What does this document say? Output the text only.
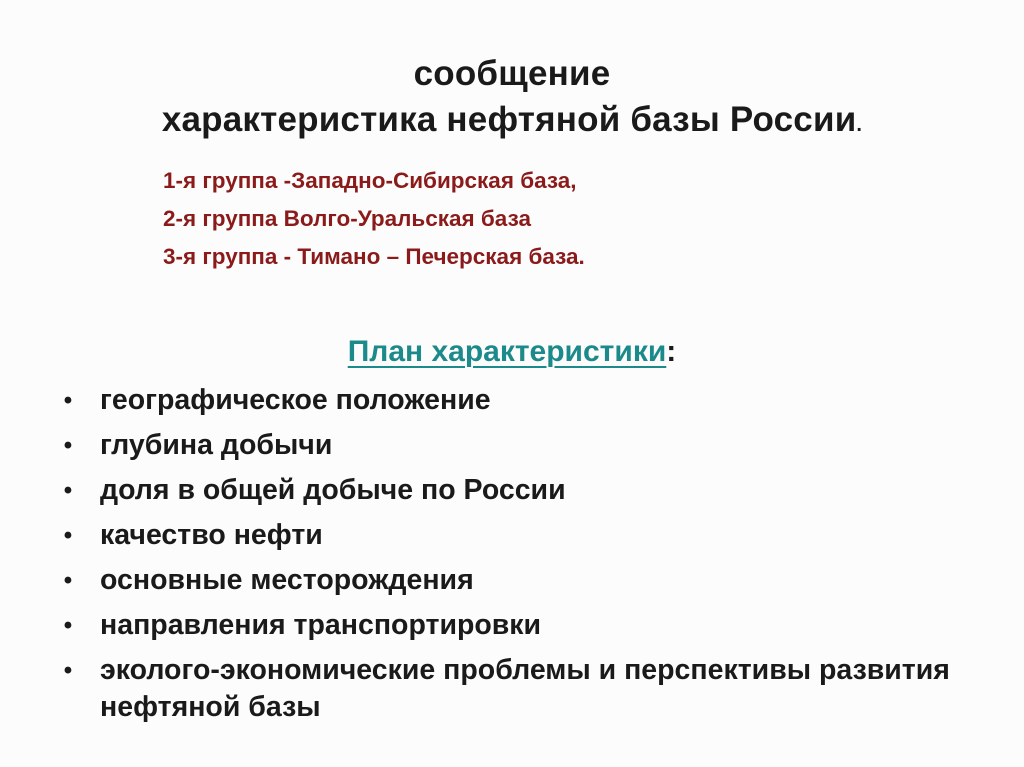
сообщение
характеристика нефтяной базы России.
1-я группа -Западно-Сибирская база,
2-я группа Волго-Уральская база
3-я группа - Тимано – Печерская база.
План характеристики:
• географическое положение
• глубина добычи
• доля в общей добыче по России
• качество нефти
• основные месторождения
• направления транспортировки
• эколого-экономические проблемы и перспективы развития нефтяной базы
